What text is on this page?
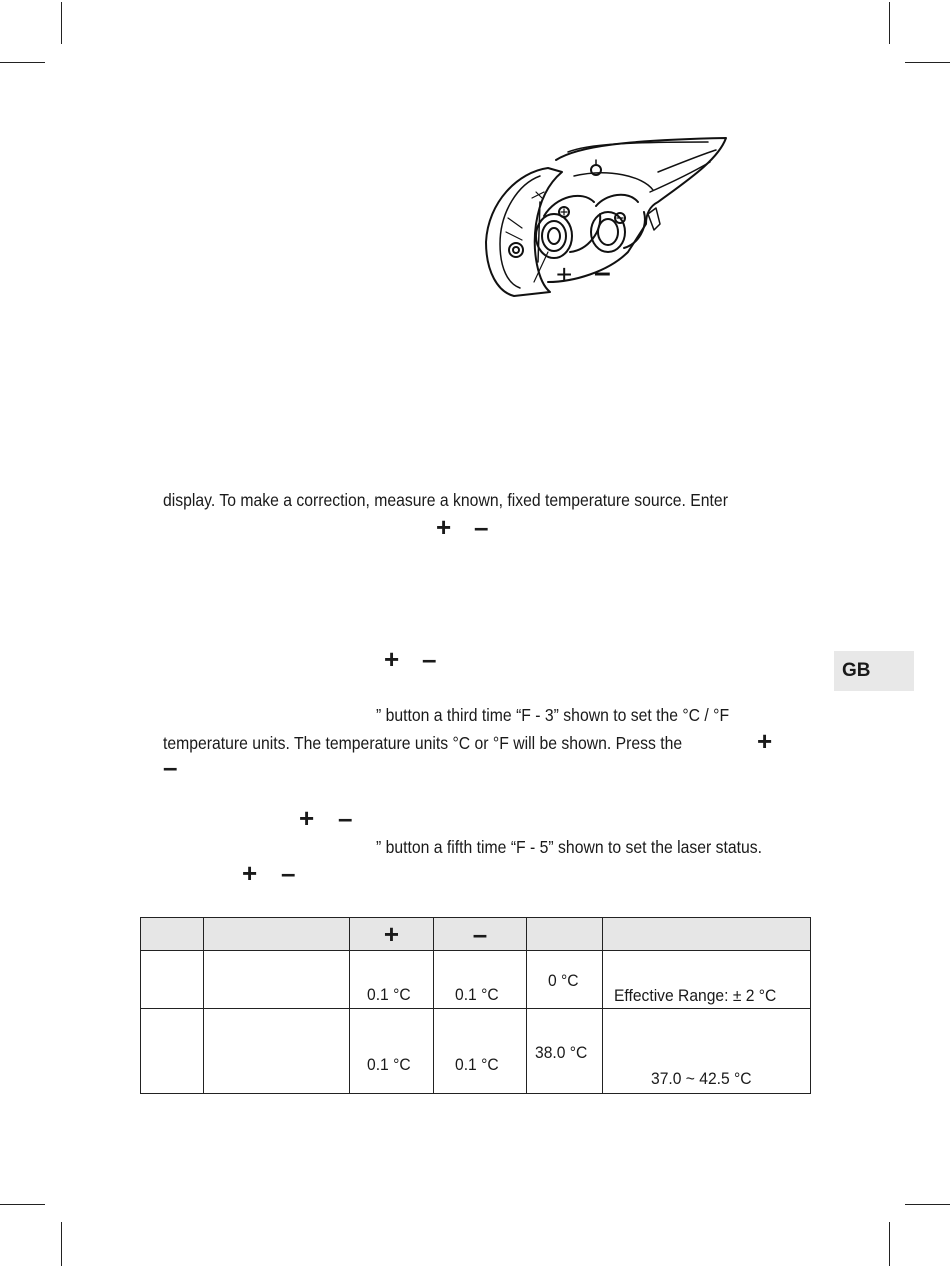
+ –
display. To make a correction, measure a known, fixed temperature source. Enter
+ –
+ –
” button a third time “F - 3” shown to set the °C / °F
temperature units. The temperature units °C or °F will be shown. Press the	+
–
+ –
” button a fifth time “F - 5” shown to set the laser status.
+ –
GB

		+	–		

		0.1 °C	0.1 °C	0 °C	Effective Range: ± 2 °C

		0.1 °C	0.1 °C	38.0 °C	37.0 ~ 42.5 °C
